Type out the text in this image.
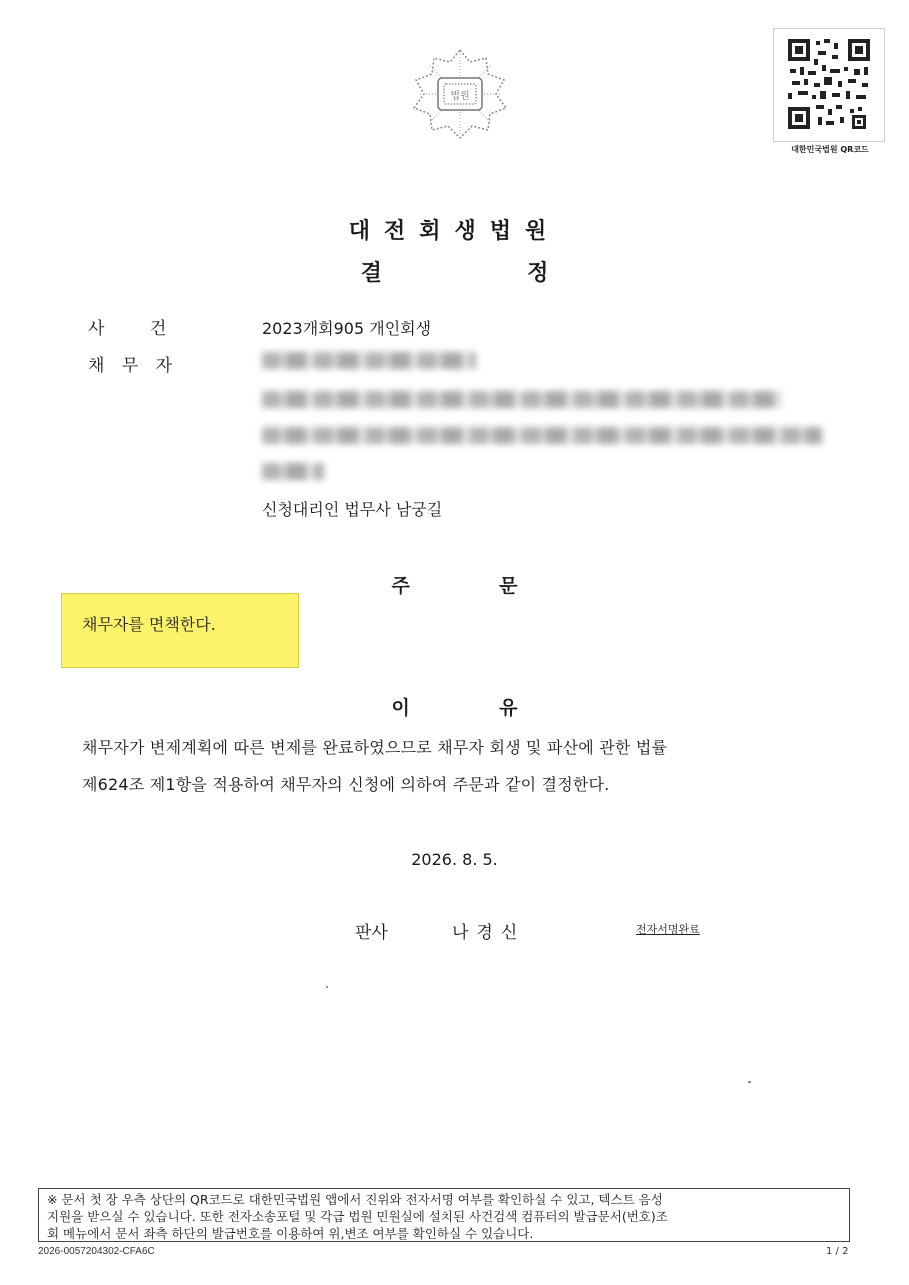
법원
대한민국법원 QR코드
대전회생법원
결	정
사 건	2023개회905 개인회생
채 무 자
신청대리인 법무사 남궁길
주	문
채무자를 면책한다.
이	유
채무자가 변제계획에 따른 변제를 완료하였으므로 채무자 회생 및 파산에 관한 법률
제624조 제1항을 적용하여 채무자의 신청에 의하여 주문과 같이 결정한다.
2026. 8. 5.
판사	나경신	전자서명완료
※ 문서 첫 장 우측 상단의 QR코드로 대한민국법원 앱에서 진위와 전자서명 여부를 확인하실 수 있고, 텍스트 음성
지원을 받으실 수 있습니다. 또한 전자소송포털 및 각급 법원 민원실에 설치된 사건검색 컴퓨터의 발급문서(번호)조
회 메뉴에서 문서 좌측 하단의 발급번호를 이용하여 위,변조 여부를 확인하실 수 있습니다.
2026-0057204302-CFA6C	1 / 2
